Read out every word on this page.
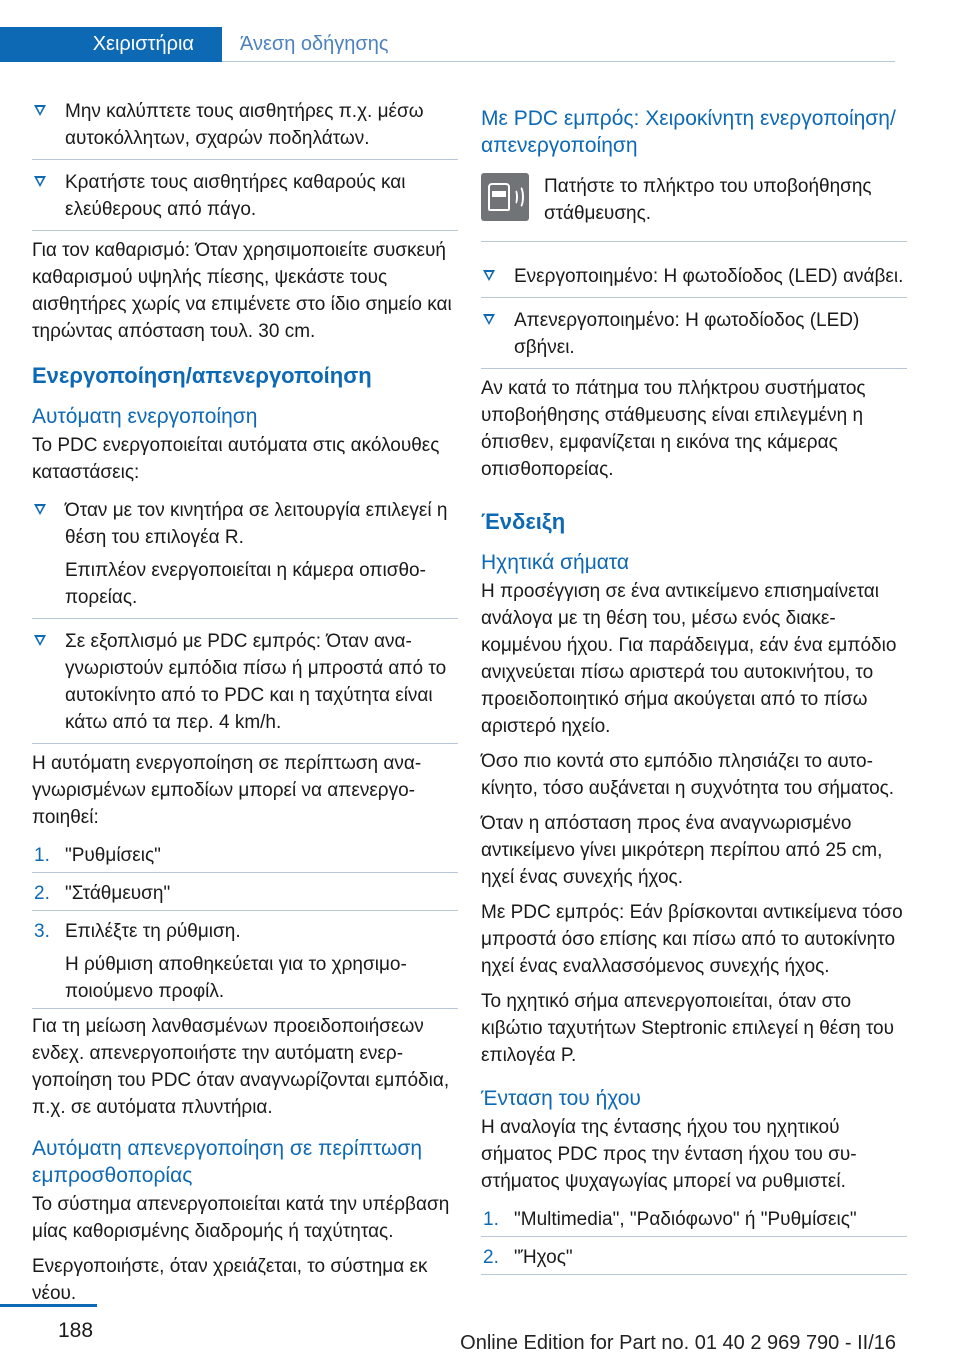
Χειριστήρια Άνεση οδήγησης
Μην καλύπτετε τους αισθητήρες π.χ. μέσω αυτοκόλλητων, σχαρών ποδηλάτων.
Κρατήστε τους αισθητήρες καθαρούς και ελεύθερους από πάγο.

Για τον καθαρισμό: Όταν χρησιμοποιείτε συσκευή καθαρισμού υψηλής πίεσης, ψεκάστε τους αισθητήρες χωρίς να επιμένετε στο ίδιο σημείο και τηρώντας απόσταση τουλ. 30 cm.

Ενεργοποίηση/απενεργοποίηση
Αυτόματη ενεργοποίηση

Το PDC ενεργοποιείται αυτόματα στις ακόλουθες καταστάσεις:

Όταν με τον κινητήρα σε λειτουργία επιλεγεί η θέση του επιλογέα R.
Επιπλέον ενεργοποιείται η κάμερα οπισθοπορείας.
Σε εξοπλισμό με PDC εμπρός: Όταν αναγνωριστούν εμπόδια πίσω ή μπροστά από το αυτοκίνητο από το PDC και η ταχύτητα είναι κάτω από τα περ. 4 km/h.

Η αυτόματη ενεργοποίηση σε περίπτωση αναγνωρισμένων εμποδίων μπορεί να απενεργοποιηθεί:

1. "Ρυθμίσεις"
2. "Στάθμευση"
3. Επιλέξτε τη ρύθμιση.
Η ρύθμιση αποθηκεύεται για το χρησιμοποιούμενο προφίλ.

Για τη μείωση λανθασμένων προειδοποιήσεων ενδεχ. απενεργοποιήστε την αυτόματη ενεργοποίηση του PDC όταν αναγνωρίζονται εμπόδια, π.χ. σε αυτόματα πλυντήρια.

Αυτόματη απενεργοποίηση σε περίπτωση εμπροσθοπορίας

Το σύστημα απενεργοποιείται κατά την υπέρβαση μίας καθορισμένης διαδρομής ή ταχύτητας.

Ενεργοποιήστε, όταν χρειάζεται, το σύστημα εκ νέου.

Με PDC εμπρός: Χειροκίνητη ενεργοποίηση/απενεργοποίηση

Πατήστε το πλήκτρο του υποβοήθησης στάθμευσης.

Ενεργοποιημένο: Η φωτοδίοδος (LED) ανάβει.
Απενεργοποιημένο: Η φωτοδίοδος (LED) σβήνει.

Αν κατά το πάτημα του πλήκτρου συστήματος υποβοήθησης στάθμευσης είναι επιλεγμένη η όπισθεν, εμφανίζεται η εικόνα της κάμερας οπισθοπορείας.

Ένδειξη
Ηχητικά σήματα

Η προσέγγιση σε ένα αντικείμενο επισημαίνεται ανάλογα με τη θέση του, μέσω ενός διακεκομμένου ήχου. Για παράδειγμα, εάν ένα εμπόδιο ανιχνεύεται πίσω αριστερά του αυτοκινήτου, το προειδοποιητικό σήμα ακούγεται από το πίσω αριστερό ηχείο.

Όσο πιο κοντά στο εμπόδιο πλησιάζει το αυτοκίνητο, τόσο αυξάνεται η συχνότητα του σήματος.

Όταν η απόσταση προς ένα αναγνωρισμένο αντικείμενο γίνει μικρότερη περίπου από 25 cm, ηχεί ένας συνεχής ήχος.

Με PDC εμπρός: Εάν βρίσκονται αντικείμενα τόσο μπροστά όσο επίσης και πίσω από το αυτοκίνητο ηχεί ένας εναλλασσόμενος συνεχής ήχος.

Το ηχητικό σήμα απενεργοποιείται, όταν στο κιβώτιο ταχυτήτων Steptronic επιλεγεί η θέση του επιλογέα P.

Ένταση του ήχου

Η αναλογία της έντασης ήχου του ηχητικού σήματος PDC προς την ένταση ήχου του συστήματος ψυχαγωγίας μπορεί να ρυθμιστεί.

1. "Multimedia", "Ραδιόφωνο" ή "Ρυθμίσεις"
2. "Ήχος"
188
Online Edition for Part no. 01 40 2 969 790 - II/16
